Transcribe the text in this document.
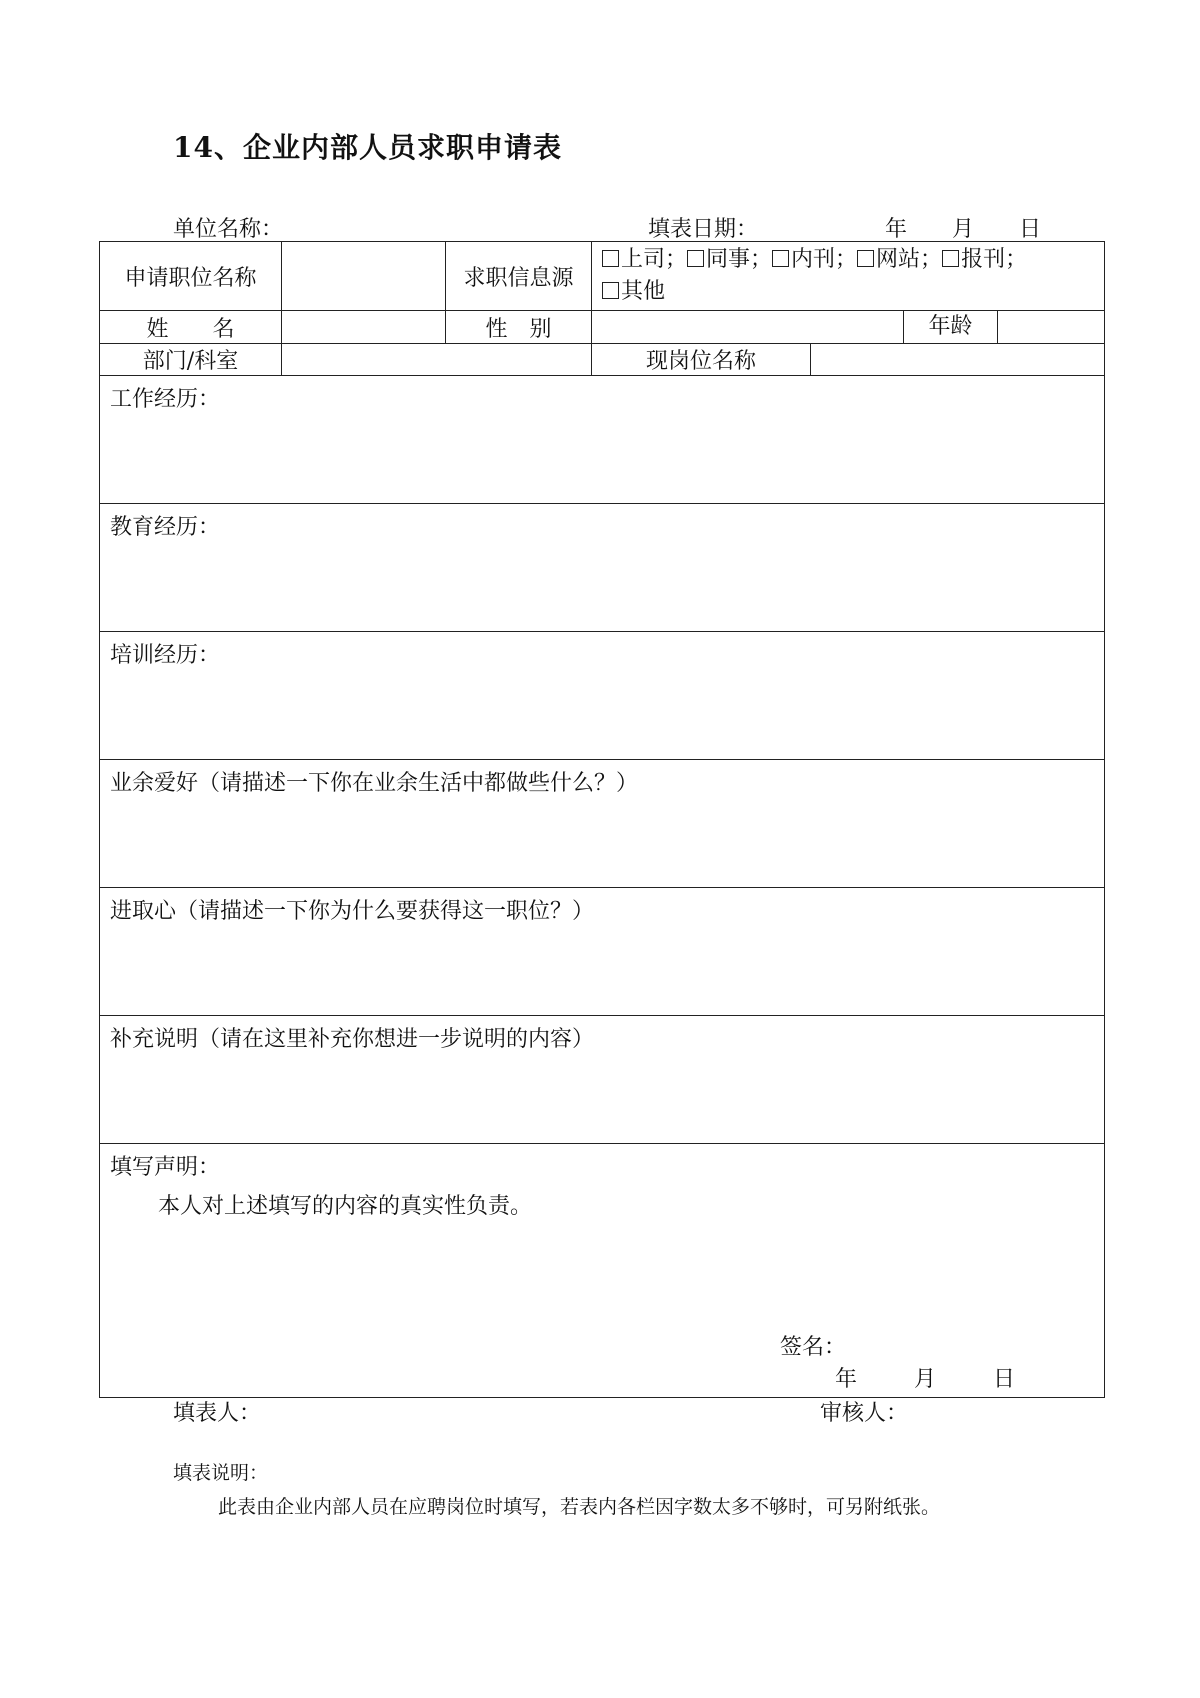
14、企业内部人员求职申请表
单位名称：	填表日期：	年 月 日
申请职位名称		求职信息源	上司； 同事； 内刊； 网站； 报刊；
其他		
姓　　名		性　别			年龄

部门/科室			现岗位名称		
工作经历：					
教育经历：					
培训经历：					
业余爱好（请描述一下你在业余生活中都做些什么？）					
进取心（请描述一下你为什么要获得这一职位？）					
补充说明（请在这里补充你想进一步说明的内容）					

填写声明：
本人对上述填写的内容的真实性负责。					
签名：
年	月	日
填表人：	审核人：
填表说明：
此表由企业内部人员在应聘岗位时填写，若表内各栏因字数太多不够时，可另附纸张。
